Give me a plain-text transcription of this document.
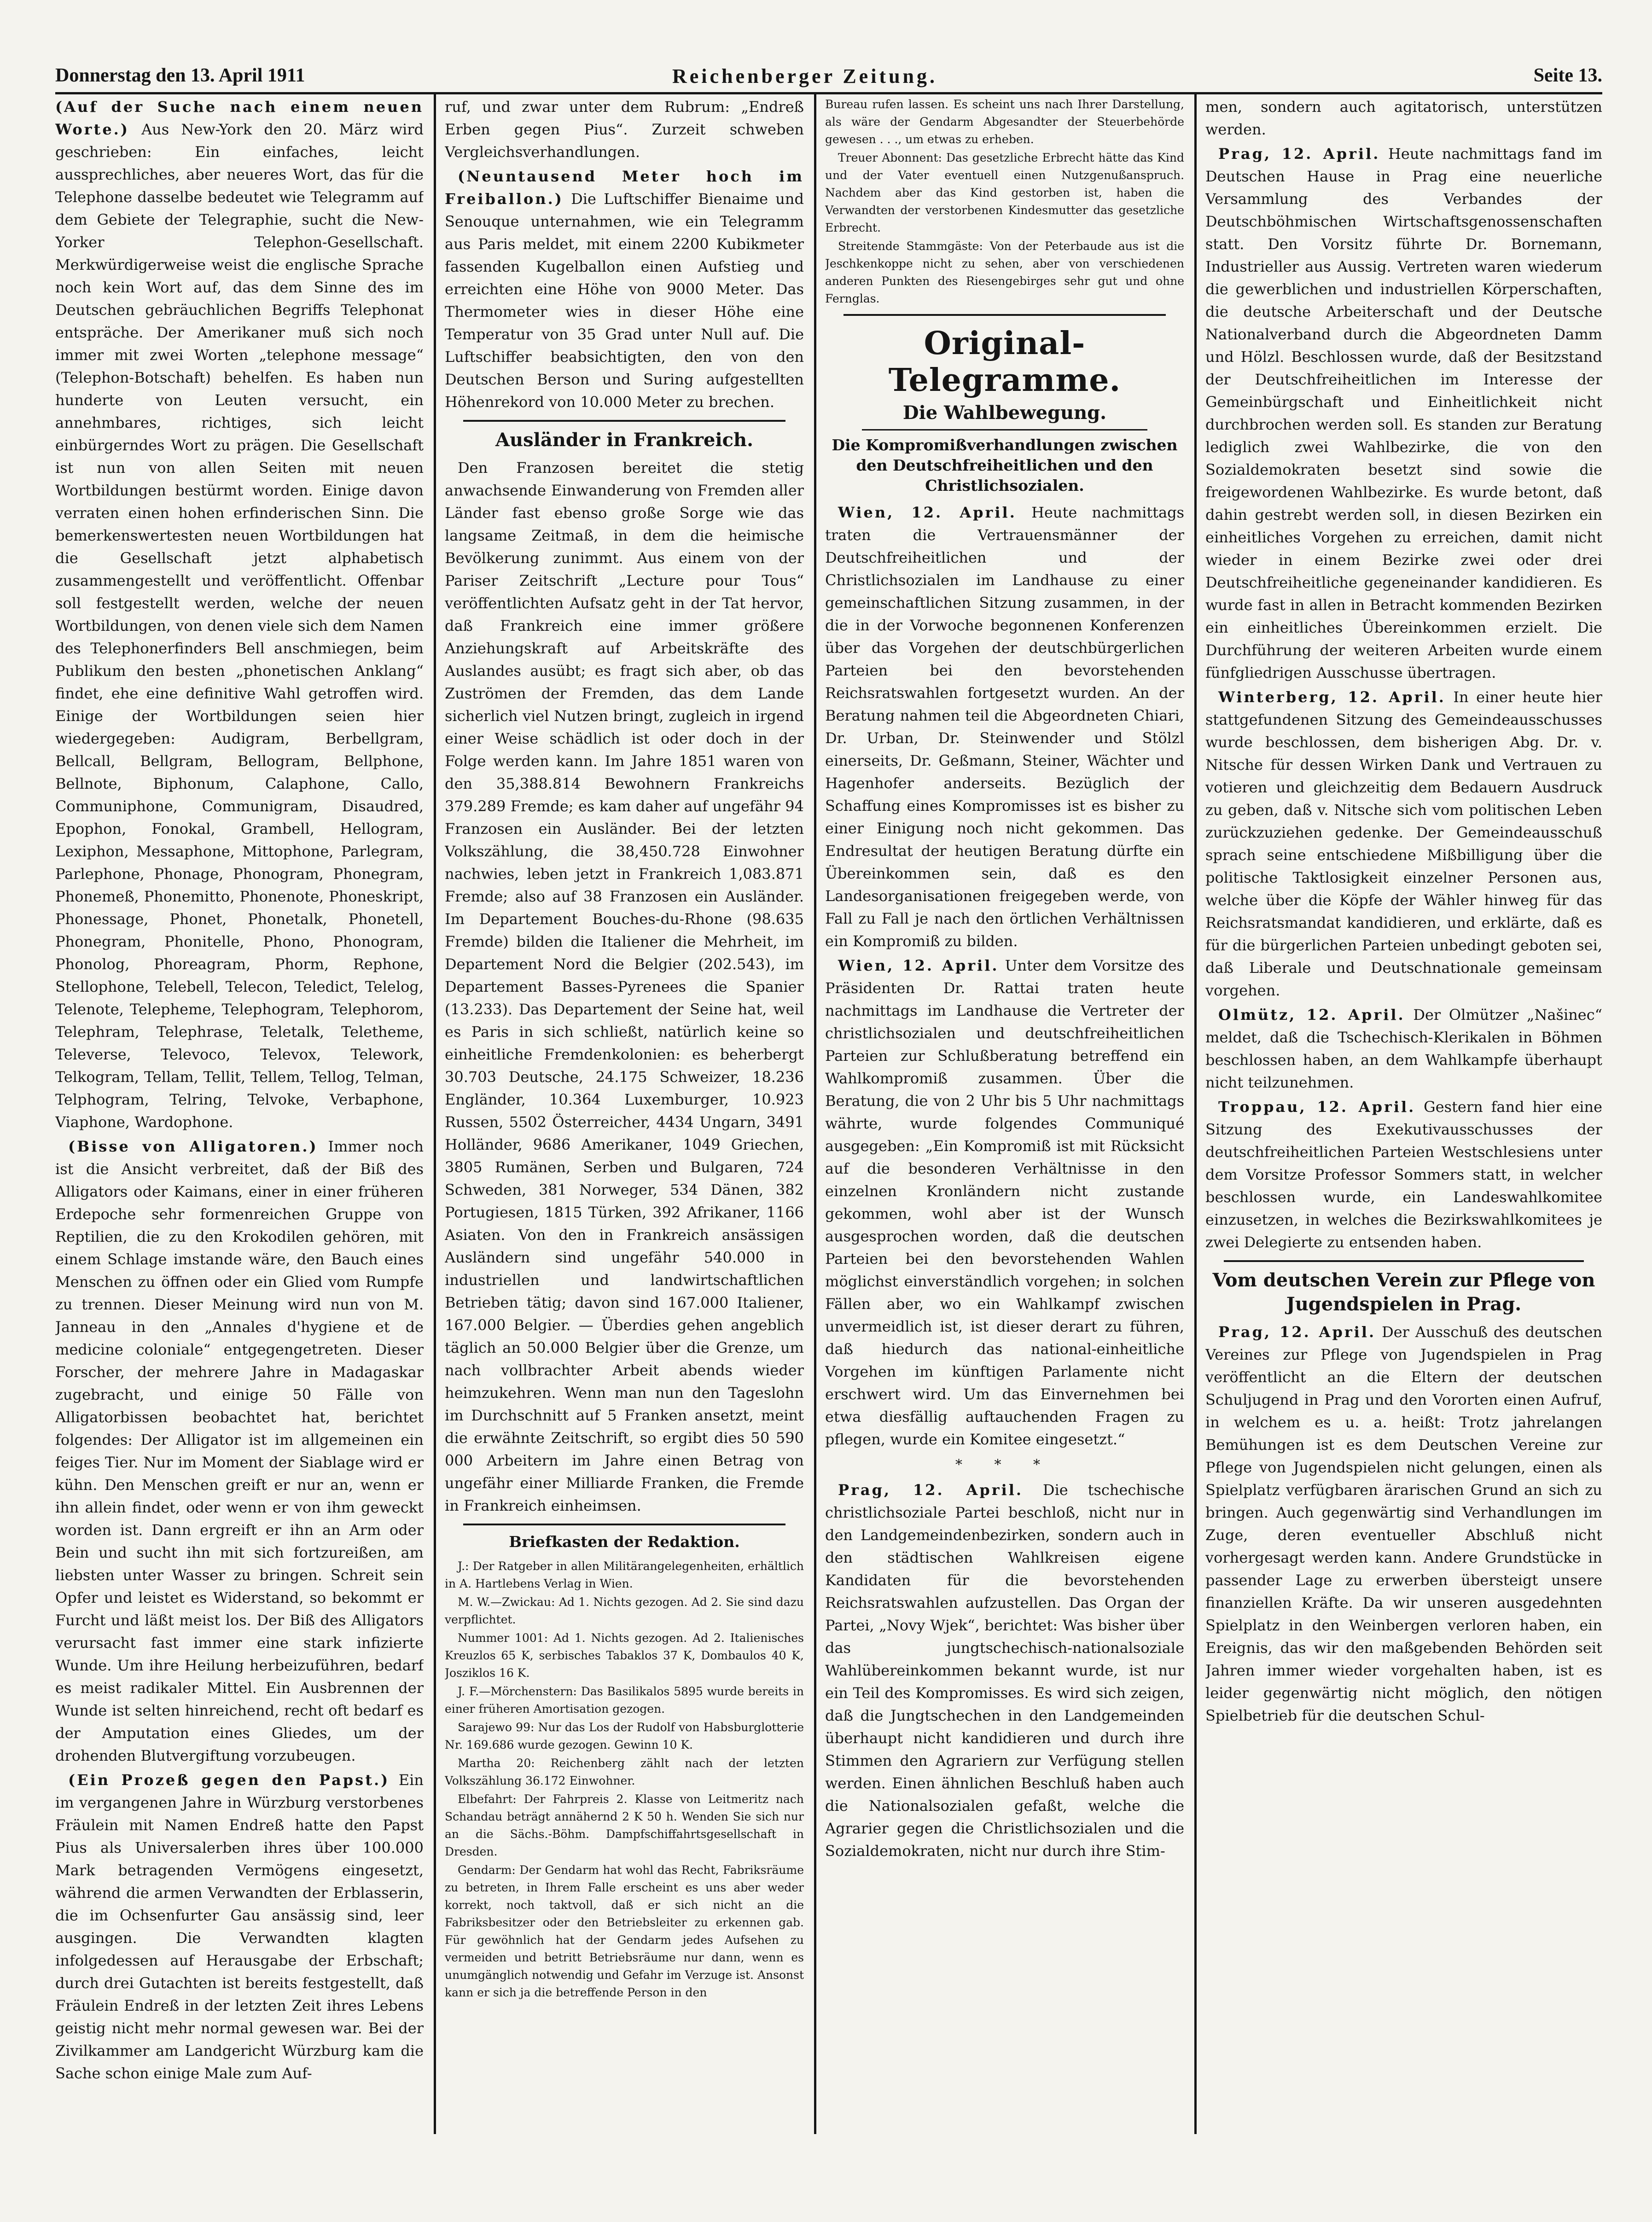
Donnerstag den 13. April 1911	Reichenberger Zeitung.	Seite 13.

(Auf der Suche nach einem neuen Worte.) Aus New-York den 20. März wird geschrieben: Ein einfaches, leicht aussprechliches, aber neueres Wort, das für die Telephone dasselbe bedeutet wie Telegramm auf dem Gebiete der Telegraphie, sucht die New-Yorker Telephon-Gesellschaft. Merkwürdigerweise weist die englische Sprache noch kein Wort auf, das dem Sinne des im Deutschen gebräuchlichen Begriffs Telephonat entspräche. Der Amerikaner muß sich noch immer mit zwei Worten „telephone message“ (Telephon-Botschaft) behelfen. Es haben nun hunderte von Leuten versucht, ein annehmbares, richtiges, sich leicht einbürgerndes Wort zu prägen. Die Gesellschaft ist nun von allen Seiten mit neuen Wortbildungen bestürmt worden. Einige davon verraten einen hohen erfinderischen Sinn. Die bemerkenswertesten neuen Wortbildungen hat die Gesellschaft jetzt alphabetisch zusammengestellt und veröffentlicht. Offenbar soll festgestellt werden, welche der neuen Wortbildungen, von denen viele sich dem Namen des Telephonerfinders Bell anschmiegen, beim Publikum den besten „phonetischen Anklang“ findet, ehe eine definitive Wahl getroffen wird. Einige der Wortbildungen seien hier wiedergegeben: Audigram, Berbellgram, Bellcall, Bellgram, Bellogram, Bellphone, Bellnote, Biphonum, Calaphone, Callo, Communiphone, Communigram, Disaudred, Epophon, Fonokal, Grambell, Hellogram, Lexiphon, Messaphone, Mittophone, Parlegram, Parlephone, Phonage, Phonogram, Phonegram, Phonemeß, Phonemitto, Phonenote, Phoneskript, Phonessage, Phonet, Phonetalk, Phonetell, Phonegram, Phonitelle, Phono, Phonogram, Phonolog, Phoreagram, Phorm, Rephone, Stellophone, Telebell, Telecon, Teledict, Telelog, Telenote, Telepheme, Telephogram, Telephorom, Telephram, Telephrase, Teletalk, Teletheme, Televerse, Televoco, Televox, Telework, Telkogram, Tellam, Tellit, Tellem, Tellog, Telman, Telphogram, Telring, Telvoke, Verbaphone, Viaphone, Wardophone.

(Bisse von Alligatoren.) Immer noch ist die Ansicht verbreitet, daß der Biß des Alligators oder Kaimans, einer in einer früheren Erdepoche sehr formenreichen Gruppe von Reptilien, die zu den Krokodilen gehören, mit einem Schlage imstande wäre, den Bauch eines Menschen zu öffnen oder ein Glied vom Rumpfe zu trennen. Dieser Meinung wird nun von M. Janneau in den „Annales d'hygiene et de medicine coloniale“ entgegengetreten. Dieser Forscher, der mehrere Jahre in Madagaskar zugebracht, und einige 50 Fälle von Alligatorbissen beobachtet hat, berichtet folgendes: Der Alligator ist im allgemeinen ein feiges Tier. Nur im Moment der Siablage wird er kühn. Den Menschen greift er nur an, wenn er ihn allein findet, oder wenn er von ihm geweckt worden ist. Dann ergreift er ihn an Arm oder Bein und sucht ihn mit sich fortzureißen, am liebsten unter Wasser zu bringen. Schreit sein Opfer und leistet es Widerstand, so bekommt er Furcht und läßt meist los. Der Biß des Alligators verursacht fast immer eine stark infizierte Wunde. Um ihre Heilung herbeizuführen, bedarf es meist radikaler Mittel. Ein Ausbrennen der Wunde ist selten hinreichend, recht oft bedarf es der Amputation eines Gliedes, um der drohenden Blutvergiftung vorzubeugen.

(Ein Prozeß gegen den Papst.) Ein im vergangenen Jahre in Würzburg verstorbenes Fräulein mit Namen Endreß hatte den Papst Pius als Universalerben ihres über 100.000 Mark betragenden Vermögens eingesetzt, während die armen Verwandten der Erblasserin, die im Ochsenfurter Gau ansässig sind, leer ausgingen. Die Verwandten klagten infolgedessen auf Herausgabe der Erbschaft; durch drei Gutachten ist bereits festgestellt, daß Fräulein Endreß in der letzten Zeit ihres Lebens geistig nicht mehr normal gewesen war. Bei der Zivilkammer am Landgericht Würzburg kam die Sache schon einige Male zum Auf-

ruf, und zwar unter dem Rubrum: „Endreß Erben gegen Pius“. Zurzeit schweben Vergleichsverhandlungen.

(Neuntausend Meter hoch im Freiballon.) Die Luftschiffer Bienaime und Senouque unternahmen, wie ein Telegramm aus Paris meldet, mit einem 2200 Kubikmeter fassenden Kugelballon einen Aufstieg und erreichten eine Höhe von 9000 Meter. Das Thermometer wies in dieser Höhe eine Temperatur von 35 Grad unter Null auf. Die Luftschiffer beabsichtigten, den von den Deutschen Berson und Suring aufgestellten Höhenrekord von 10.000 Meter zu brechen.

Ausländer in Frankreich.

Den Franzosen bereitet die stetig anwachsende Einwanderung von Fremden aller Länder fast ebenso große Sorge wie das langsame Zeitmaß, in dem die heimische Bevölkerung zunimmt. Aus einem von der Pariser Zeitschrift „Lecture pour Tous“ veröffentlichten Aufsatz geht in der Tat hervor, daß Frankreich eine immer größere Anziehungskraft auf Arbeitskräfte des Auslandes ausübt; es fragt sich aber, ob das Zuströmen der Fremden, das dem Lande sicherlich viel Nutzen bringt, zugleich in irgend einer Weise schädlich ist oder doch in der Folge werden kann. Im Jahre 1851 waren von den 35,388.814 Bewohnern Frankreichs 379.289 Fremde; es kam daher auf ungefähr 94 Franzosen ein Ausländer. Bei der letzten Volkszählung, die 38,450.728 Einwohner nachwies, leben jetzt in Frankreich 1,083.871 Fremde; also auf 38 Franzosen ein Ausländer. Im Departement Bouches-du-Rhone (98.635 Fremde) bilden die Italiener die Mehrheit, im Departement Nord die Belgier (202.543), im Departement Basses-Pyrenees die Spanier (13.233). Das Departement der Seine hat, weil es Paris in sich schließt, natürlich keine so einheitliche Fremdenkolonien: es beherbergt 30.703 Deutsche, 24.175 Schweizer, 18.236 Engländer, 10.364 Luxemburger, 10.923 Russen, 5502 Österreicher, 4434 Ungarn, 3491 Holländer, 9686 Amerikaner, 1049 Griechen, 3805 Rumänen, Serben und Bulgaren, 724 Schweden, 381 Norweger, 534 Dänen, 382 Portugiesen, 1815 Türken, 392 Afrikaner, 1166 Asiaten. Von den in Frankreich ansässigen Ausländern sind ungefähr 540.000 in industriellen und landwirtschaftlichen Betrieben tätig; davon sind 167.000 Italiener, 167.000 Belgier. — Überdies gehen angeblich täglich an 50.000 Belgier über die Grenze, um nach vollbrachter Arbeit abends wieder heimzukehren. Wenn man nun den Tageslohn im Durchschnitt auf 5 Franken ansetzt, meint die erwähnte Zeitschrift, so ergibt dies 50 590 000 Arbeitern im Jahre einen Betrag von ungefähr einer Milliarde Franken, die Fremde in Frankreich einheimsen.

Briefkasten der Redaktion.

J.: Der Ratgeber in allen Militärangelegenheiten, erhältlich in A. Hartlebens Verlag in Wien.

M. W.—Zwickau: Ad 1. Nichts gezogen. Ad 2. Sie sind dazu verpflichtet.

Nummer 1001: Ad 1. Nichts gezogen. Ad 2. Italienisches Kreuzlos 65 K, serbisches Tabaklos 37 K, Dombaulos 40 K, Josziklos 16 K.

J. F.—Mörchenstern: Das Basilikalos 5895 wurde bereits in einer früheren Amortisation gezogen.

Sarajewo 99: Nur das Los der Rudolf von Habsburglotterie Nr. 169.686 wurde gezogen. Gewinn 10 K.

Martha 20: Reichenberg zählt nach der letzten Volkszählung 36.172 Einwohner.

Elbefahrt: Der Fahrpreis 2. Klasse von Leitmeritz nach Schandau beträgt annähernd 2 K 50 h. Wenden Sie sich nur an die Sächs.-Böhm. Dampfschiffahrtsgesellschaft in Dresden.

Gendarm: Der Gendarm hat wohl das Recht, Fabriksräume zu betreten, in Ihrem Falle erscheint es uns aber weder korrekt, noch taktvoll, daß er sich nicht an die Fabriksbesitzer oder den Betriebsleiter zu erkennen gab. Für gewöhnlich hat der Gendarm jedes Aufsehen zu vermeiden und betritt Betriebsräume nur dann, wenn es unumgänglich notwendig und Gefahr im Verzuge ist. Ansonst kann er sich ja die betreffende Person in den

Bureau rufen lassen. Es scheint uns nach Ihrer Darstellung, als wäre der Gendarm Abgesandter der Steuerbehörde gewesen . . ., um etwas zu erheben.

Treuer Abonnent: Das gesetzliche Erbrecht hätte das Kind und der Vater eventuell einen Nutzgenußanspruch. Nachdem aber das Kind gestorben ist, haben die Verwandten der verstorbenen Kindesmutter das gesetzliche Erbrecht.

Streitende Stammgäste: Von der Peterbaude aus ist die Jeschkenkoppe nicht zu sehen, aber von verschiedenen anderen Punkten des Riesengebirges sehr gut und ohne Fernglas.

Original-Telegramme.
Die Wahlbewegung.
Die Kompromißverhandlungen zwischen den Deutschfreiheitlichen und den Christlichsozialen.

Wien, 12. April. Heute nachmittags traten die Vertrauensmänner der Deutschfreiheitlichen und der Christlichsozialen im Landhause zu einer gemeinschaftlichen Sitzung zusammen, in der die in der Vorwoche begonnenen Konferenzen über das Vorgehen der deutschbürgerlichen Parteien bei den bevorstehenden Reichsratswahlen fortgesetzt wurden. An der Beratung nahmen teil die Abgeordneten Chiari, Dr. Urban, Dr. Steinwender und Stölzl einerseits, Dr. Geßmann, Steiner, Wächter und Hagenhofer anderseits. Bezüglich der Schaffung eines Kompromisses ist es bisher zu einer Einigung noch nicht gekommen. Das Endresultat der heutigen Beratung dürfte ein Übereinkommen sein, daß es den Landesorganisationen freigegeben werde, von Fall zu Fall je nach den örtlichen Verhältnissen ein Kompromiß zu bilden.

Wien, 12. April. Unter dem Vorsitze des Präsidenten Dr. Rattai traten heute nachmittags im Landhause die Vertreter der christlichsozialen und deutschfreiheitlichen Parteien zur Schlußberatung betreffend ein Wahlkompromiß zusammen. Über die Beratung, die von 2 Uhr bis 5 Uhr nachmittags währte, wurde folgendes Communiqué ausgegeben: „Ein Kompromiß ist mit Rücksicht auf die besonderen Verhältnisse in den einzelnen Kronländern nicht zustande gekommen, wohl aber ist der Wunsch ausgesprochen worden, daß die deutschen Parteien bei den bevorstehenden Wahlen möglichst einverständlich vorgehen; in solchen Fällen aber, wo ein Wahlkampf zwischen unvermeidlich ist, ist dieser derart zu führen, daß hiedurch das national-einheitliche Vorgehen im künftigen Parlamente nicht erschwert wird. Um das Einvernehmen bei etwa diesfällig auftauchenden Fragen zu pflegen, wurde ein Komitee eingesetzt.“

* * *

Prag, 12. April. Die tschechische christlichsoziale Partei beschloß, nicht nur in den Landgemeindenbezirken, sondern auch in den städtischen Wahlkreisen eigene Kandidaten für die bevorstehenden Reichsratswahlen aufzustellen. Das Organ der Partei, „Novy Wjek“, berichtet: Was bisher über das jungtschechisch-nationalsoziale Wahlübereinkommen bekannt wurde, ist nur ein Teil des Kompromisses. Es wird sich zeigen, daß die Jungtschechen in den Landgemeinden überhaupt nicht kandidieren und durch ihre Stimmen den Agrariern zur Verfügung stellen werden. Einen ähnlichen Beschluß haben auch die Nationalsozialen gefaßt, welche die Agrarier gegen die Christlichsozialen und die Sozialdemokraten, nicht nur durch ihre Stim-

men, sondern auch agitatorisch, unterstützen werden.

Prag, 12. April. Heute nachmittags fand im Deutschen Hause in Prag eine neuerliche Versammlung des Verbandes der Deutschböhmischen Wirtschaftsgenossenschaften statt. Den Vorsitz führte Dr. Bornemann, Industrieller aus Aussig. Vertreten waren wiederum die gewerblichen und industriellen Körperschaften, die deutsche Arbeiterschaft und der Deutsche Nationalverband durch die Abgeordneten Damm und Hölzl. Beschlossen wurde, daß der Besitzstand der Deutschfreiheitlichen im Interesse der Gemeinbürgschaft und Einheitlichkeit nicht durchbrochen werden soll. Es standen zur Beratung lediglich zwei Wahlbezirke, die von den Sozialdemokraten besetzt sind sowie die freigewordenen Wahlbezirke. Es wurde betont, daß dahin gestrebt werden soll, in diesen Bezirken ein einheitliches Vorgehen zu erreichen, damit nicht wieder in einem Bezirke zwei oder drei Deutschfreiheitliche gegeneinander kandidieren. Es wurde fast in allen in Betracht kommenden Bezirken ein einheitliches Übereinkommen erzielt. Die Durchführung der weiteren Arbeiten wurde einem fünfgliedrigen Ausschusse übertragen.

Winterberg, 12. April. In einer heute hier stattgefundenen Sitzung des Gemeindeausschusses wurde beschlossen, dem bisherigen Abg. Dr. v. Nitsche für dessen Wirken Dank und Vertrauen zu votieren und gleichzeitig dem Bedauern Ausdruck zu geben, daß v. Nitsche sich vom politischen Leben zurückzuziehen gedenke. Der Gemeindeausschuß sprach seine entschiedene Mißbilligung über die politische Taktlosigkeit einzelner Personen aus, welche über die Köpfe der Wähler hinweg für das Reichsratsmandat kandidieren, und erklärte, daß es für die bürgerlichen Parteien unbedingt geboten sei, daß Liberale und Deutschnationale gemeinsam vorgehen.

Olmütz, 12. April. Der Olmützer „Našinec“ meldet, daß die Tschechisch-Klerikalen in Böhmen beschlossen haben, an dem Wahlkampfe überhaupt nicht teilzunehmen.

Troppau, 12. April. Gestern fand hier eine Sitzung des Exekutivausschusses der deutschfreiheitlichen Parteien Westschlesiens unter dem Vorsitze Professor Sommers statt, in welcher beschlossen wurde, ein Landeswahlkomitee einzusetzen, in welches die Bezirkswahlkomitees je zwei Delegierte zu entsenden haben.

Vom deutschen Verein zur Pflege von Jugendspielen in Prag.

Prag, 12. April. Der Ausschuß des deutschen Vereines zur Pflege von Jugendspielen in Prag veröffentlicht an die Eltern der deutschen Schuljugend in Prag und den Vororten einen Aufruf, in welchem es u. a. heißt: Trotz jahrelangen Bemühungen ist es dem Deutschen Vereine zur Pflege von Jugendspielen nicht gelungen, einen als Spielplatz verfügbaren ärarischen Grund an sich zu bringen. Auch gegenwärtig sind Verhandlungen im Zuge, deren eventueller Abschluß nicht vorhergesagt werden kann. Andere Grundstücke in passender Lage zu erwerben übersteigt unsere finanziellen Kräfte. Da wir unseren ausgedehnten Spielplatz in den Weinbergen verloren haben, ein Ereignis, das wir den maßgebenden Behörden seit Jahren immer wieder vorgehalten haben, ist es leider gegenwärtig nicht möglich, den nötigen Spielbetrieb für die deutschen Schul-
